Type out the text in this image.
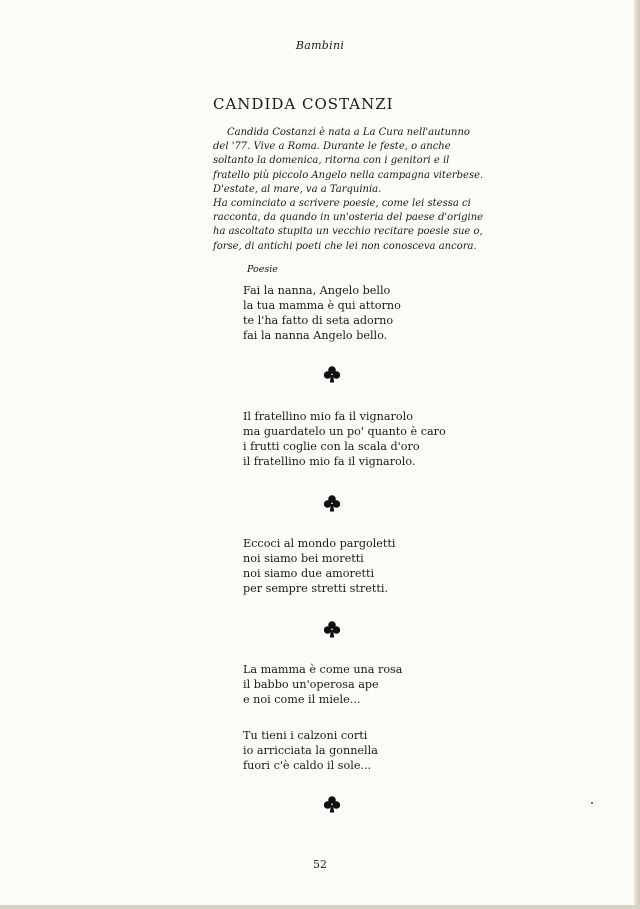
Bambini
CANDIDA COSTANZI

Candida Costanzi è nata a La Cura nell'autunno del '77. Vive a Roma. Durante le feste, o anche soltanto la domenica, ritorna con i genitori e il fratello più piccolo Angelo nella campagna viterbese. D'estate, al mare, va a Tarquinia.

Ha cominciato a scrivere poesie, come lei stessa ci racconta, da quando in un'osteria del paese d'origine ha ascoltato stupita un vecchio recitare poesie sue o, forse, di antichi poeti che lei non conosceva ancora.

Poesie
Fai la nanna, Angelo bello
la tua mamma è qui attorno
te l'ha fatto di seta adorno
fai la nanna Angelo bello.
Il fratellino mio fa il vignarolo
ma guardatelo un po' quanto è caro
i frutti coglie con la scala d'oro
il fratellino mio fa il vignarolo.
Eccoci al mondo pargoletti
noi siamo bei moretti
noi siamo due amoretti
per sempre stretti stretti.
La mamma è come una rosa
il babbo un'operosa ape
e noi come il miele...
Tu tieni i calzoni corti
io arricciata la gonnella
fuori c'è caldo il sole...
52
